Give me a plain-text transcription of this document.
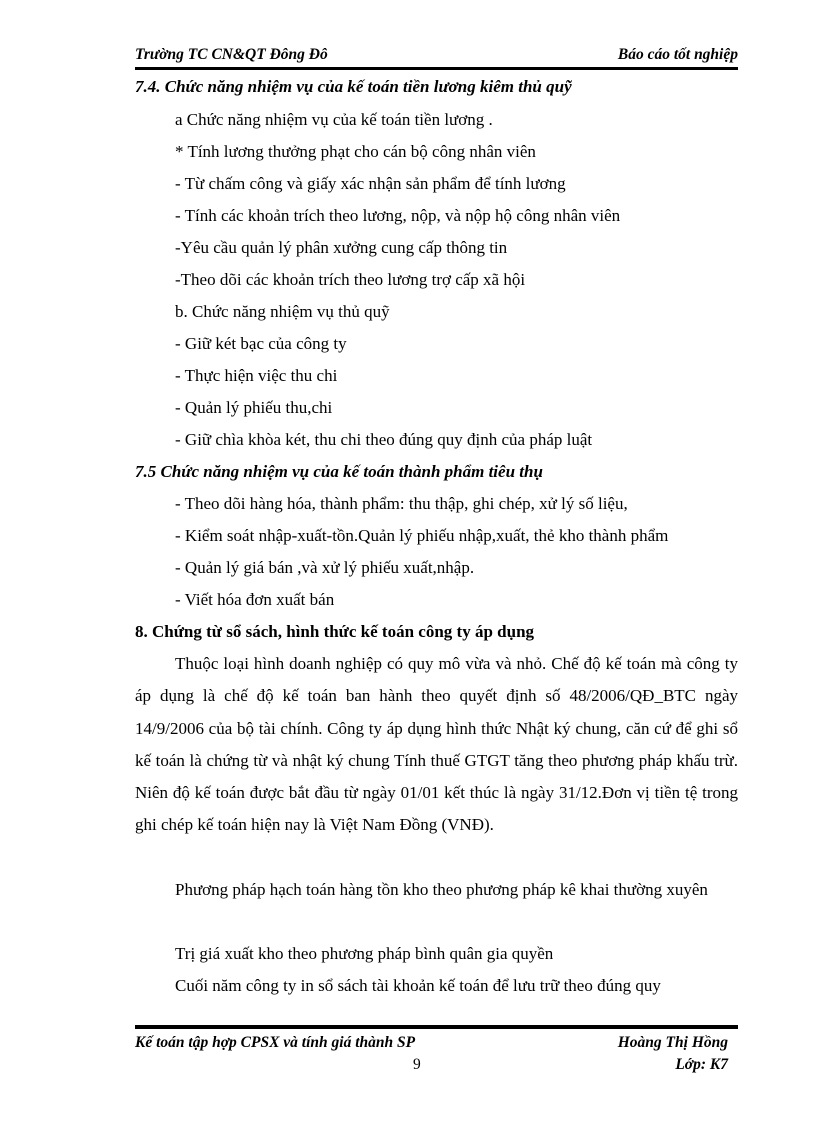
Trường TC CN&QT Đông Đô	Báo cáo tốt nghiệp
7.4. Chức năng nhiệm vụ của kế toán tiền lương kiêm thủ quỹ
a Chức năng nhiệm vụ của kế toán tiền lương .
* Tính lương thưởng phạt cho cán bộ công nhân viên
- Từ chấm công và giấy xác nhận sản phẩm để tính lương
- Tính các khoản trích theo lương, nộp, và nộp hộ công nhân viên
-Yêu cầu quản lý phân xưởng cung cấp thông tin
-Theo dõi các khoản trích theo lương trợ cấp xã hội
b. Chức năng nhiệm vụ thủ quỹ
- Giữ két bạc của công ty
- Thực hiện việc thu chi
- Quản lý phiếu thu,chi
- Giữ chìa khòa két, thu chi theo đúng quy định của pháp luật
7.5 Chức năng nhiệm vụ của kế toán thành phẩm tiêu thụ
- Theo dõi hàng hóa, thành phẩm: thu thập, ghi chép, xử lý số liệu,
- Kiểm soát nhập-xuất-tồn.Quản lý phiếu nhập,xuất, thẻ kho thành phẩm
- Quản lý giá bán ,và xử lý phiếu xuất,nhập.
- Viết hóa đơn xuất bán
8. Chứng từ sổ sách, hình thức kế toán công ty áp dụng

Thuộc loại hình doanh nghiệp có quy mô vừa và nhỏ. Chế độ kế toán mà công ty áp dụng là chế độ kế toán ban hành theo quyết định số 48/2006/QĐ_BTC ngày 14/9/2006 của bộ tài chính. Công ty áp dụng hình thức Nhật ký chung, căn cứ để ghi sổ kế toán là chứng từ và nhật ký chung Tính thuế GTGT tăng theo phương pháp khấu trừ. Niên độ kế toán được bắt đầu từ ngày 01/01 kết thúc là ngày 31/12.Đơn vị tiền tệ trong ghi chép kế toán hiện nay là Việt Nam Đồng (VNĐ).

Phương pháp hạch toán hàng tồn kho theo phương pháp kê khai thường xuyên

Trị giá xuất kho theo phương pháp bình quân gia quyền

Cuối năm công ty in sổ sách tài khoản kế toán để lưu trữ theo đúng quy

Kế toán tập hợp CPSX và tính giá thành SP	Hoàng Thị Hồng
9	Lớp: K7
